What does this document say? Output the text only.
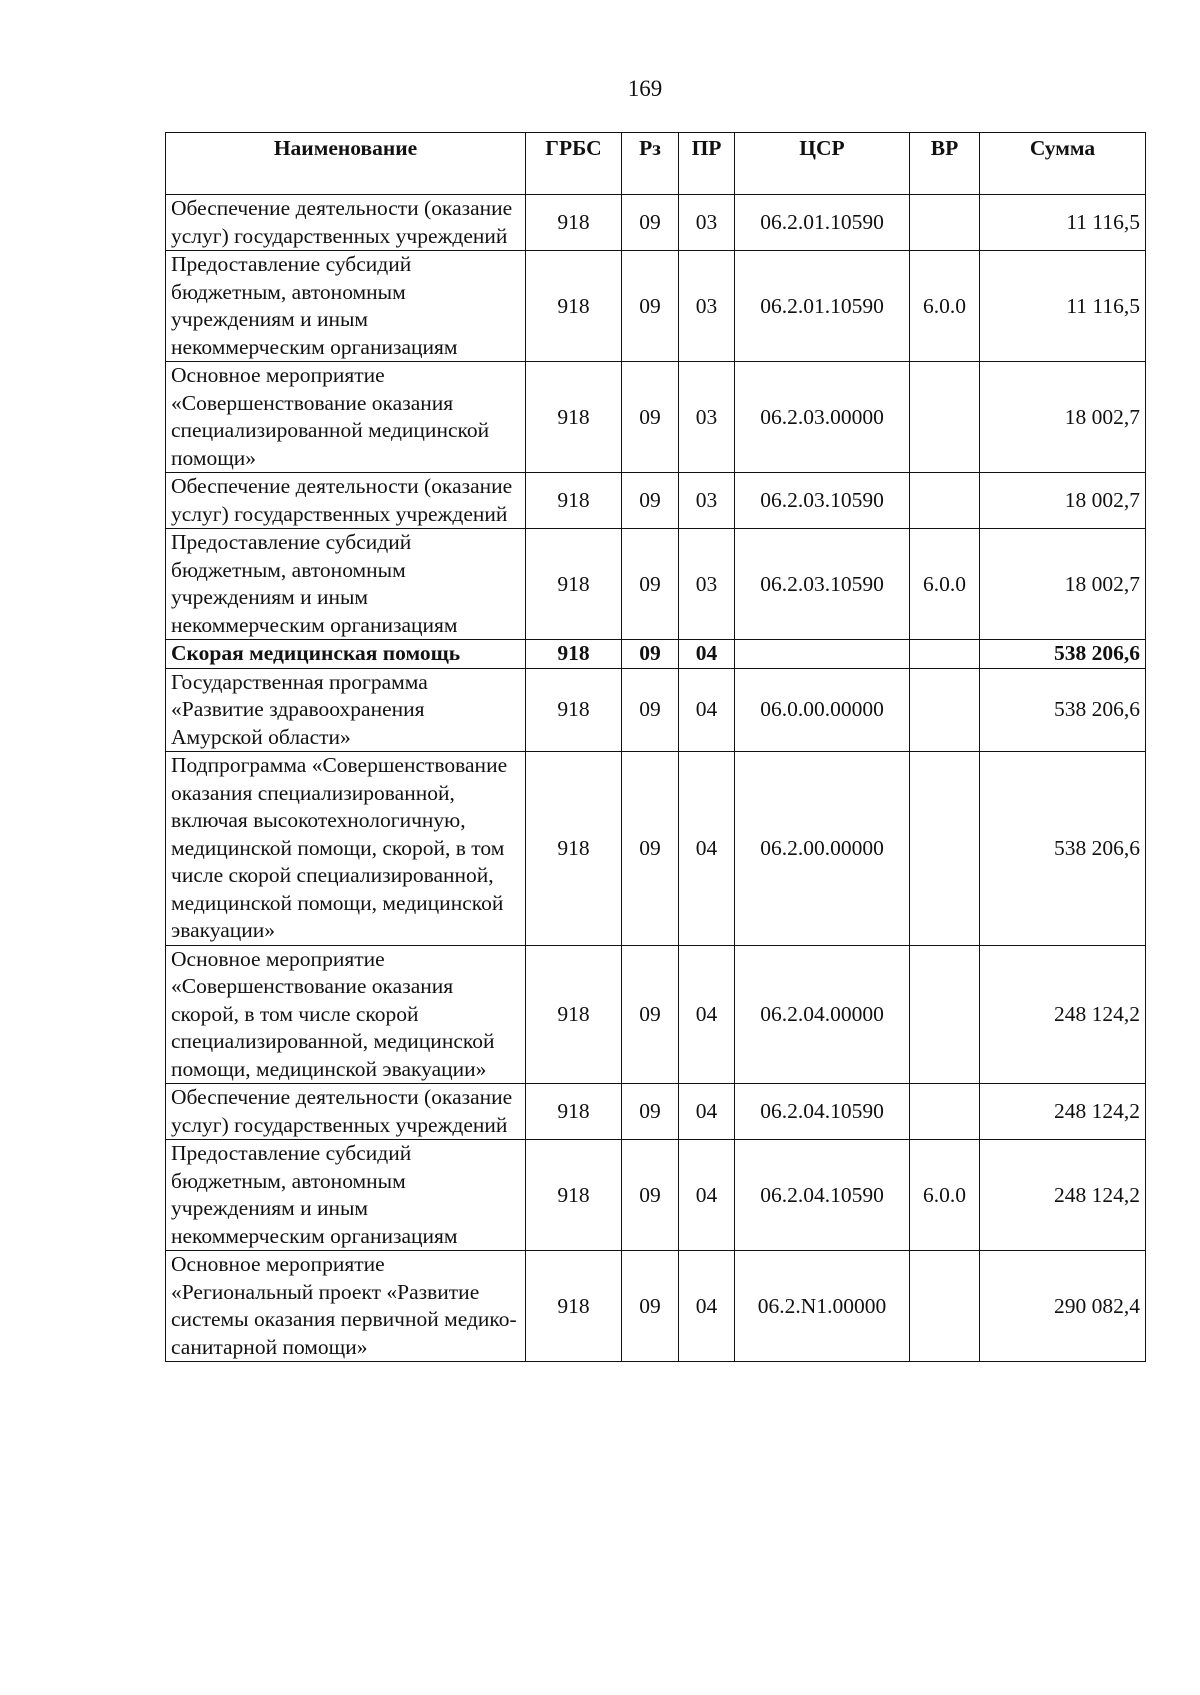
169
Наименование	ГРБС	Рз	ПР	ЦСР	ВР	Сумма
Обеспечение деятельности (оказание услуг) государственных учреждений	918	09	03	06.2.01.10590		11 116,5
Предоставление субсидий бюджетным, автономным учреждениям и иным некоммерческим организациям	918	09	03	06.2.01.10590	6.0.0	11 116,5
Основное мероприятие «Совершенствование оказания специализированной медицинской помощи»	918	09	03	06.2.03.00000		18 002,7
Обеспечение деятельности (оказание услуг) государственных учреждений	918	09	03	06.2.03.10590		18 002,7
Предоставление субсидий бюджетным, автономным учреждениям и иным некоммерческим организациям	918	09	03	06.2.03.10590	6.0.0	18 002,7
Скорая медицинская помощь	918	09	04			538 206,6
Государственная программа «Развитие здравоохранения Амурской области»	918	09	04	06.0.00.00000		538 206,6
Подпрограмма «Совершенствование оказания специализированной, включая высокотехнологичную, медицинской помощи, скорой, в том числе скорой специализированной, медицинской помощи, медицинской эвакуации»	918	09	04	06.2.00.00000		538 206,6
Основное мероприятие «Совершенствование оказания скорой, в том числе скорой специализированной, медицинской помощи, медицинской эвакуации»	918	09	04	06.2.04.00000		248 124,2
Обеспечение деятельности (оказание услуг) государственных учреждений	918	09	04	06.2.04.10590		248 124,2
Предоставление субсидий бюджетным, автономным учреждениям и иным некоммерческим организациям	918	09	04	06.2.04.10590	6.0.0	248 124,2
Основное мероприятие «Региональный проект «Развитие системы оказания первичной медико-санитарной помощи»	918	09	04	06.2.N1.00000		290 082,4
